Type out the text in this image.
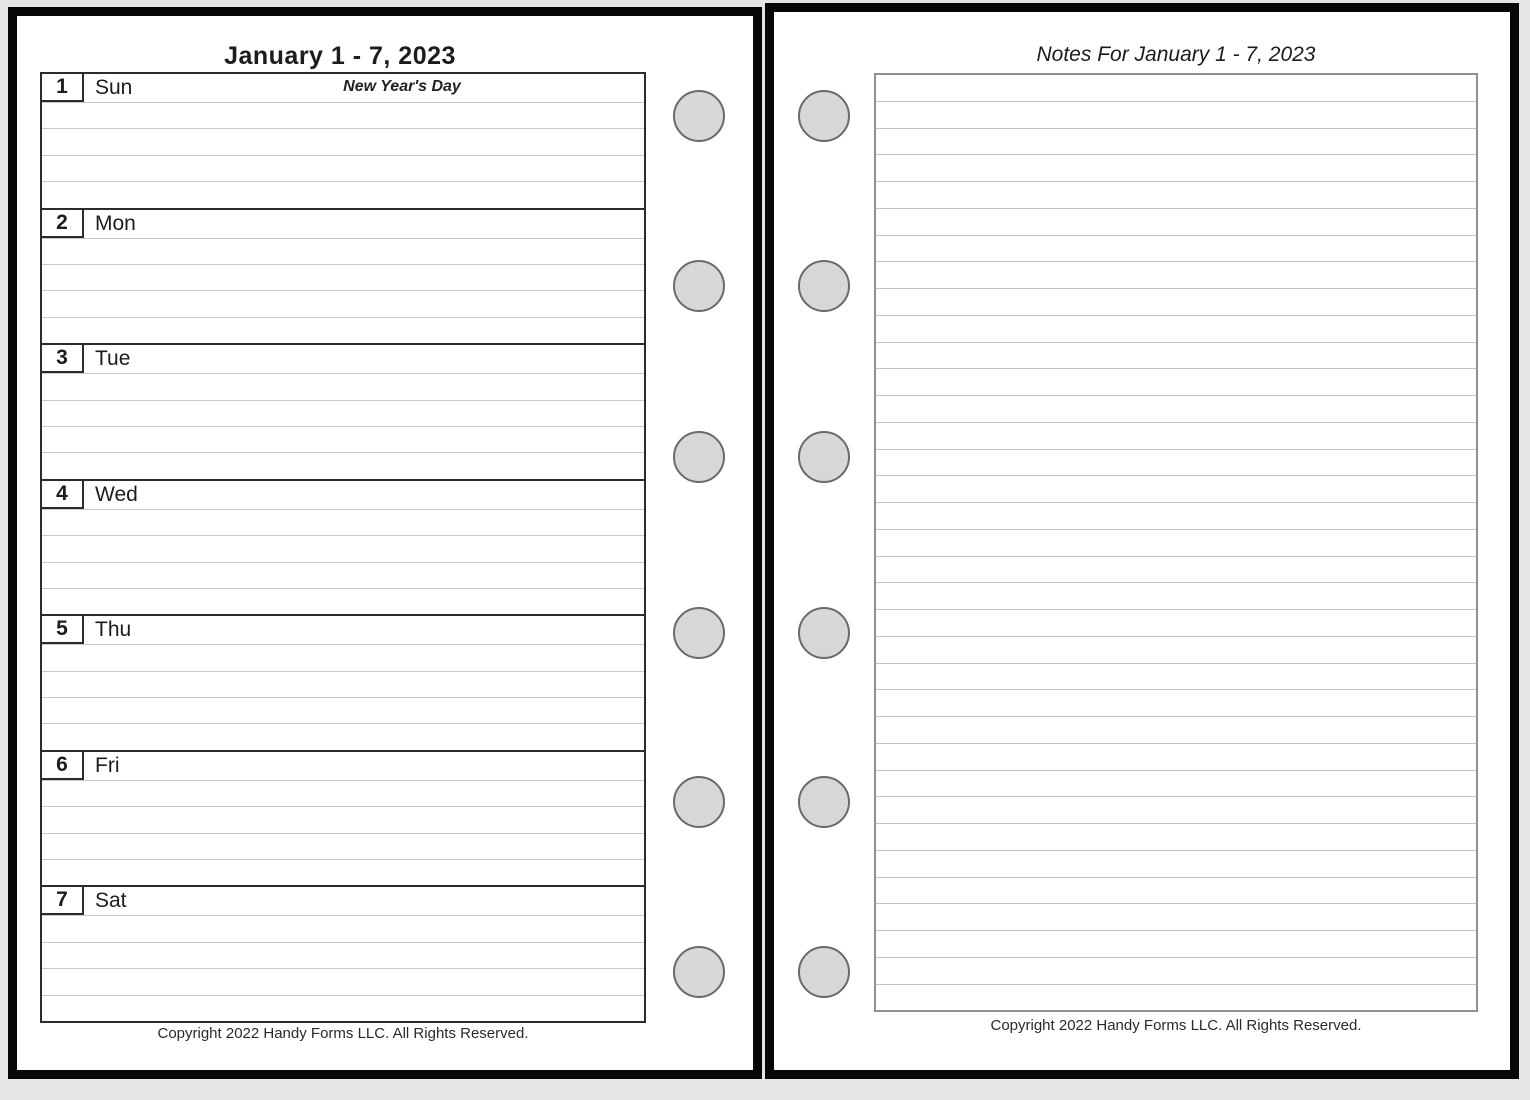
January 1 - 7, 2023
1	Sun	New Year's Day
2	Mon
3	Tue
4	Wed
5	Thu
6	Fri
7	Sat
Copyright 2022 Handy Forms LLC. All Rights Reserved.
Notes For January 1 - 7, 2023
Copyright 2022 Handy Forms LLC. All Rights Reserved.
